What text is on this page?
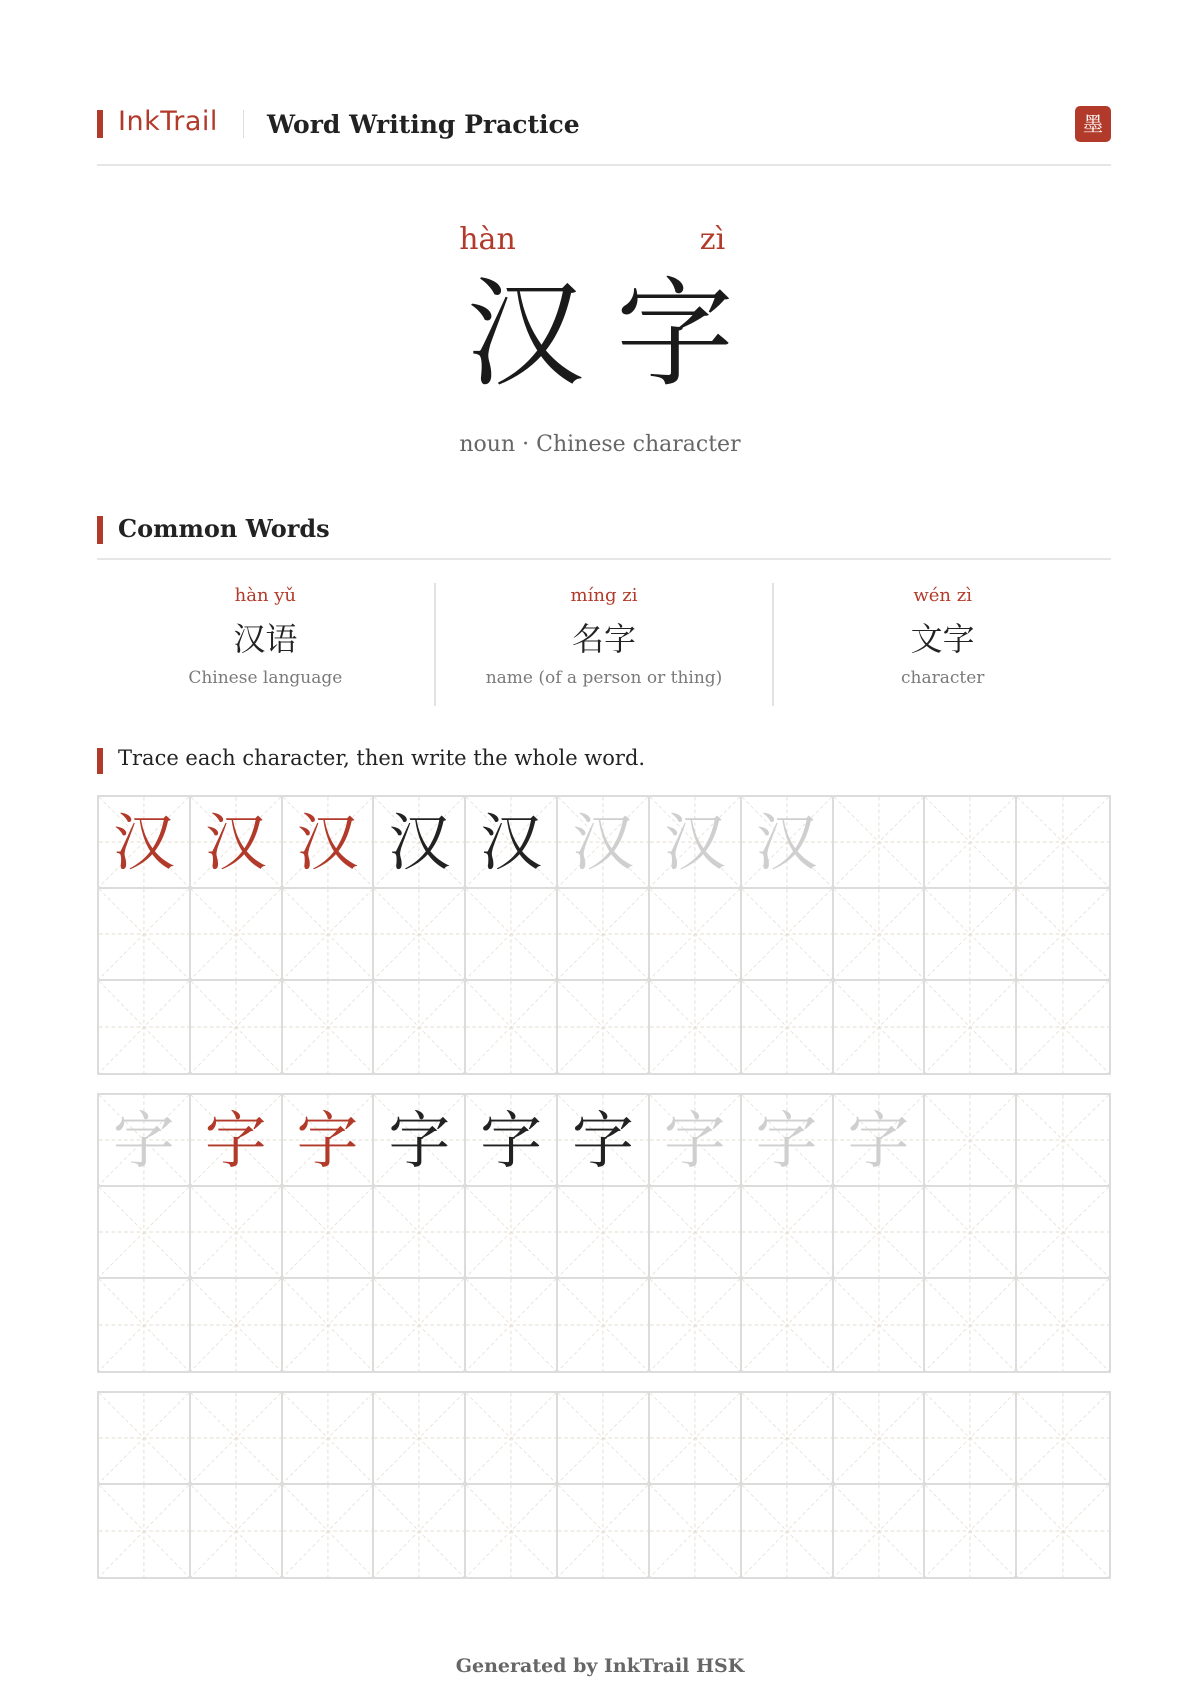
InkTrail Word Writing Practice	墨
hàn	zì
汉 字
noun · Chinese character
Common Words
hàn yǔ
汉语
Chinese language
míng zi
名字
name (of a person or thing)
wén zì
文字
character
Trace each character, then write the whole word.
汉 汉 汉 汉 汉 汉 汉 汉
字 字 字 字 字 字 字 字 字
Generated by InkTrail HSK
